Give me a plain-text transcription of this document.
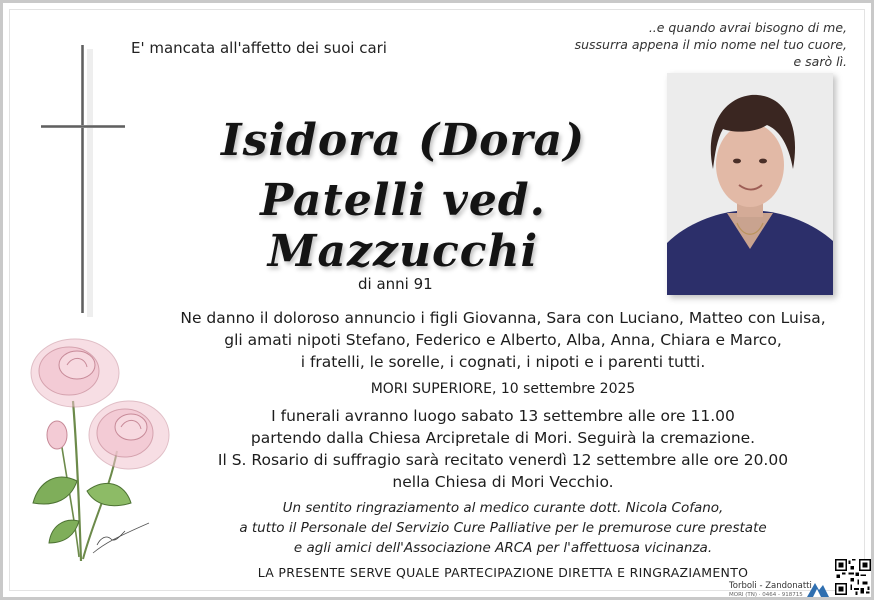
E' mancata all'affetto dei suoi cari
..e quando avrai bisogno di me,
sussurra appena il mio nome nel tuo cuore,
e sarò lì.
Isidora (Dora)
Patelli ved. Mazzucchi
di anni 91
Ne danno il doloroso annuncio i figli Giovanna, Sara con Luciano, Matteo con Luisa,
gli amati nipoti Stefano, Federico e Alberto, Alba, Anna, Chiara e Marco,
i fratelli, le sorelle, i cognati, i nipoti e i parenti tutti.
MORI SUPERIORE, 10 settembre 2025
I funerali avranno luogo sabato 13 settembre alle ore 11.00
partendo dalla Chiesa Arcipretale di Mori. Seguirà la cremazione.
Il S. Rosario di suffragio sarà recitato venerdì 12 settembre alle ore 20.00
nella Chiesa di Mori Vecchio.
Un sentito ringraziamento al medico curante dott. Nicola Cofano,
a tutto il Personale del Servizio Cure Palliative per le premurose cure prestate
e agli amici dell'Associazione ARCA per l'affettuosa vicinanza.
LA PRESENTE SERVE QUALE PARTECIPAZIONE DIRETTA E RINGRAZIAMENTO
Torboli - Zandonatti
MORI (TN) · 0464 - 918715
